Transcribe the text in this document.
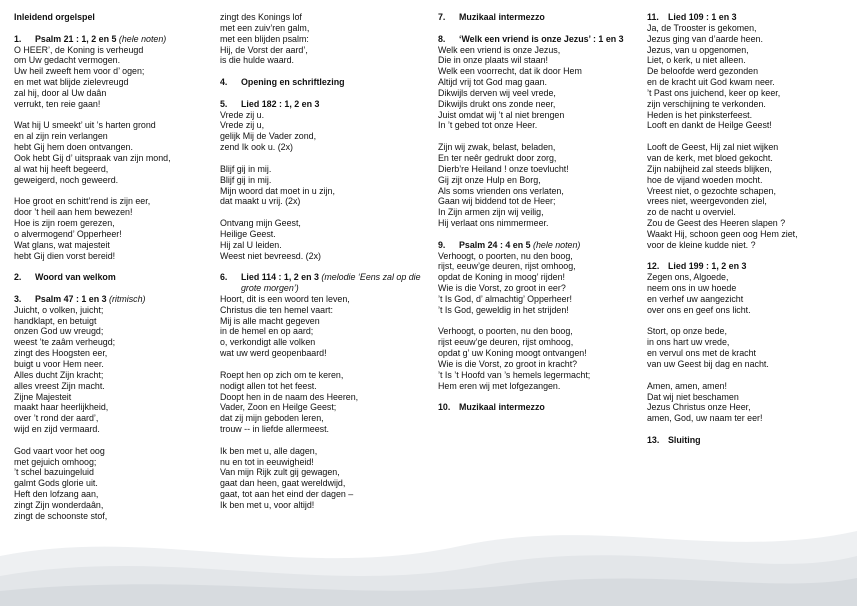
Inleidend orgelspel
1.	Psalm 21 : 1, 2 en 5 (hele noten)
O HEER’, de Koning is verheugd
om Uw gedacht vermogen.
Uw heil zweeft hem voor d’ ogen;
en met wat blijde zielevreugd
zal hij, door al Uw daân
verrukt, ten reie gaan!
Wat hij U smeekt’ uit ’s harten grond
en al zijn rein verlangen
hebt Gij hem doen ontvangen.
Ook hebt Gij d’ uitspraak van zijn mond,
al wat hij heeft begeerd,
geweigerd, noch geweerd.
Hoe groot en schitt’rend is zijn eer,
door ’t heil aan hem bewezen!
Hoe is zijn roem gerezen,
o alvermogend’ Opperheer!
Wat glans, wat majesteit
hebt Gij dien vorst bereid!
2.	Woord van welkom
3.	Psalm 47 : 1 en 3 (ritmisch)
Juicht, o volken, juicht;
handklapt, en betuigt
onzen God uw vreugd;
weest ’te zaâm verheugd;
zingt des Hoogsten eer,
buigt u voor Hem neer.
Alles ducht Zijn kracht;
alles vreest Zijn macht.
Zijne Majesteit
maakt haar heerlijkheid,
over ’t rond der aard’,
wijd en zijd vermaard.
God vaart voor het oog
met gejuich omhoog;
’t schel bazuingeluid
galmt Gods glorie uit.
Heft den lofzang aan,
zingt Zijn wonderdaân,
zingt de schoonste stof,
zingt des Konings lof
met een zuiv’ren galm,
met een blijden psalm:
Hij, de Vorst der aard’,
is die hulde waard.
4.	Opening en schriftlezing
5.	Lied 182 : 1, 2 en 3
Vrede zij u.
Vrede zij u,
gelijk Mij de Vader zond,
zend Ik ook u. (2x)
Blijf gij in mij.
Blijf gij in mij.
Mijn woord dat moet in u zijn,
dat maakt u vrij. (2x)
Ontvang mijn Geest,
Heilige Geest.
Hij zal U leiden.
Weest niet bevreesd. (2x)
6.	Lied 114 : 1, 2 en 3 (melodie ‘Eens zal op die grote morgen’)
Hoort, dit is een woord ten leven,
Christus die ten hemel vaart:
Mij is alle macht gegeven
in de hemel en op aard;
o, verkondigt alle volken
wat uw werd geopenbaard!
Roept hen op zich om te keren,
nodigt allen tot het feest.
Doopt hen in de naam des Heeren,
Vader, Zoon en Heilge Geest;
dat zij mijn geboden leren,
trouw -- in liefde allermeest.
Ik ben met u, alle dagen,
nu en tot in eeuwigheid!
Van mijn Rijk zult gij gewagen,
gaat dan heen, gaat wereldwijd,
gaat, tot aan het eind der dagen –
Ik ben met u, voor altijd!
7.	Muzikaal intermezzo
8.	‘Welk een vriend is onze Jezus’ : 1 en 3
Welk een vriend is onze Jezus,
Die in onze plaats wil staan!
Welk een voorrecht, dat ik door Hem
Altijd vrij tot God mag gaan.
Dikwijls derven wij veel vrede,
Dikwijls drukt ons zonde neer,
Juist omdat wij ’t al niet brengen
In ’t gebed tot onze Heer.
Zijn wij zwak, belast, beladen,
En ter neêr gedrukt door zorg,
Dierb’re Heiland ! onze toevlucht!
Gij zijt onze Hulp en Borg,
Als soms vrienden ons verlaten,
Gaan wij biddend tot de Heer;
In Zijn armen zijn wij veilig,
Hij verlaat ons nimmermeer.
9.	Psalm 24 : 4 en 5 (hele noten)
Verhoogt, o poorten, nu den boog,
rijst, eeuw’ge deuren, rijst omhoog,
opdat de Koning in moog’ rijden!
Wie is die Vorst, zo groot in eer?
’t Is God, d’ almachtig’ Opperheer!
’t Is God, geweldig in het strijden!
Verhoogt, o poorten, nu den boog,
rijst eeuw’ge deuren, rijst omhoog,
opdat g’ uw Koning moogt ontvangen!
Wie is die Vorst, zo groot in kracht?
’t Is ’t Hoofd van ’s hemels legermacht;
Hem eren wij met lofgezangen.
10. Muzikaal intermezzo
11.	Lied 109 : 1 en 3
Ja, de Trooster is gekomen,
Jezus ging van d’aarde heen.
Jezus, van u opgenomen,
Liet, o kerk, u niet alleen.
De beloofde werd gezonden
en de kracht uit God kwam neer.
’t Past ons juichend, keer op keer,
zijn verschijning te verkonden.
Heden is het pinksterfeest.
Looft en dankt de Heilge Geest!
Looft de Geest, Hij zal niet wijken
van de kerk, met bloed gekocht.
Zijn nabijheid zal steeds blijken,
hoe de vijand woeden mocht.
Vreest niet, o gezochte schapen,
vrees niet, weergevonden ziel,
zo de nacht u overviel.
Zou de Geest des Heeren slapen ?
Waakt Hij, schoon geen oog Hem ziet,
voor de kleine kudde niet. ?
12. Lied 199 : 1, 2 en 3
Zegen ons, Algoede,
neem ons in uw hoede
en verhef uw aangezicht
over ons en geef ons licht.
Stort, op onze bede,
in ons hart uw vrede,
en vervul ons met de kracht
van uw Geest bij dag en nacht.
Amen, amen, amen!
Dat wij niet beschamen
Jezus Christus onze Heer,
amen, God, uw naam ter eer!
13. Sluiting
